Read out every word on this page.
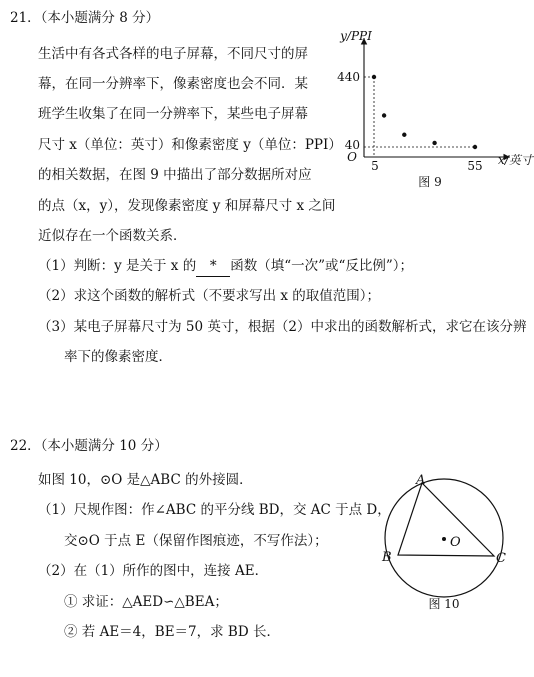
21．（本小题满分 8 分）
生活中有各式各样的电子屏幕，不同尺寸的屏
幕，在同一分辨率下，像素密度也会不同．某
班学生收集了在同一分辨率下，某些电子屏幕
尺寸 x（单位：英寸）和像素密度 y（单位：PPI）
的相关数据，在图 9 中描出了部分数据所对应
的点（x，y），发现像素密度 y 和屏幕尺寸 x 之间
近似存在一个函数关系．
（1）判断：y 是关于 x 的 * 函数（填“一次”或“反比例”）；
（2）求这个函数的解析式（不要求写出 x 的取值范围）；
（3）某电子屏幕尺寸为 50 英寸，根据（2）中求出的函数解析式，求它在该分辨
率下的像素密度．
y/PPI
x/英寸
O
440
40
5	55
图 9
22．（本小题满分 10 分）
如图 10，⊙O 是△ABC 的外接圆．
（1）尺规作图：作∠ABC 的平分线 BD，交 AC 于点 D，
交⊙O 于点 E（保留作图痕迹，不写作法）；
（2）在（1）所作的图中，连接 AE．
① 求证：△AED∽△BEA；
② 若 AE＝4，BE＝7，求 BD 长．
O
A
B	C
图 10
